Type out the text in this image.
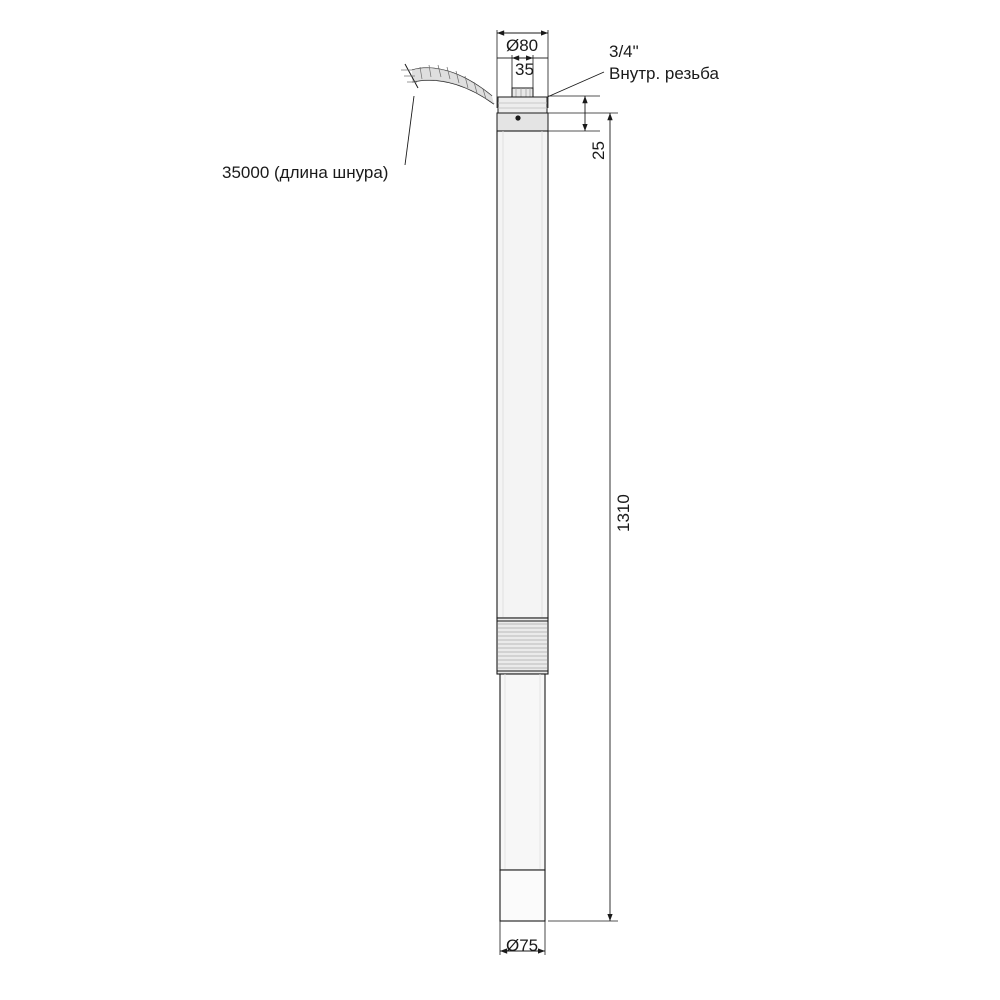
Ø80
35
3/4"
Внутр. резьба
35000 (длина шнура)
25
1310
Ø75
